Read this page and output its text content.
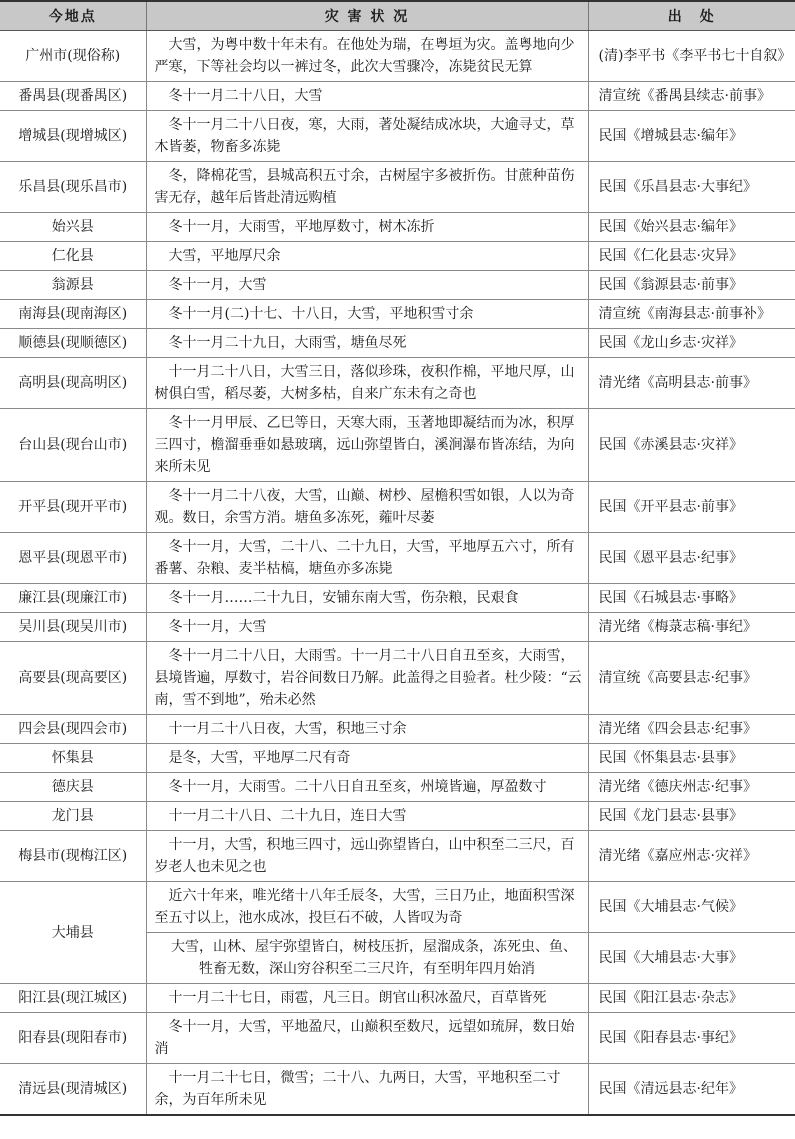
今地点	灾 害 状 况	出　处
广州市(现俗称)	大雪，为粤中数十年未有。在他处为瑞，在粤垣为灾。盖粤地向少严寒，下等社会均以一裤过冬，此次大雪骤冷，冻毙贫民无算	(清)李平书《李平书七十自叙》
番禺县(现番禺区)	冬十一月二十八日，大雪	清宣统《番禺县续志·前事》
增城县(现增城区)	冬十一月二十八日夜，寒，大雨，著处凝结成冰块，大逾寻丈，草木皆萎，物畜多冻毙	民国《增城县志·编年》
乐昌县(现乐昌市)	冬，降棉花雪，县城高积五寸余，古树屋宇多被折伤。甘蔗种苗伤害无存，越年后皆赴清远购植	民国《乐昌县志·大事纪》
始兴县	冬十一月，大雨雪，平地厚数寸，树木冻折	民国《始兴县志·编年》
仁化县	大雪，平地厚尺余	民国《仁化县志·灾异》
翁源县	冬十一月，大雪	民国《翁源县志·前事》
南海县(现南海区)	冬十一月(二)十七、十八日，大雪，平地积雪寸余	清宣统《南海县志·前事补》
顺德县(现顺德区)	冬十一月二十九日，大雨雪，塘鱼尽死	民国《龙山乡志·灾祥》
高明县(现高明区)	十一月二十八日，大雪三日，落似珍珠，夜积作棉，平地尺厚，山树俱白雪，稻尽萎，大树多枯，自来广东未有之奇也	清光绪《高明县志·前事》
台山县(现台山市)	冬十一月甲辰、乙巳等日，天寒大雨，玉著地即凝结而为冰，积厚三四寸，檐溜垂垂如悬玻璃，远山弥望皆白，溪涧瀑布皆冻结，为向来所未见	民国《赤溪县志·灾祥》
开平县(现开平市)	冬十一月二十八夜，大雪，山巅、树杪、屋檐积雪如银，人以为奇观。数日，余雪方消。塘鱼多冻死，蕹叶尽萎	民国《开平县志·前事》
恩平县(现恩平市)	冬十一月，大雪，二十八、二十九日，大雪，平地厚五六寸，所有番薯、杂粮、麦半枯槁，塘鱼亦多冻毙	民国《恩平县志·纪事》
廉江县(现廉江市)	冬十一月……二十九日，安铺东南大雪，伤杂粮，民艰食	民国《石城县志·事略》
吴川县(现吴川市)	冬十一月，大雪	清光绪《梅菉志稿·事纪》
高要县(现高要区)	冬十一月二十八日，大雨雪。十一月二十八日自丑至亥，大雨雪，县境皆遍，厚数寸，岩谷间数日乃解。此盖得之目验者。杜少陵：“云南，雪不到地”，殆未必然	清宣统《高要县志·纪事》
四会县(现四会市)	十一月二十八日夜，大雪，积地三寸余	清光绪《四会县志·纪事》
怀集县	是冬，大雪，平地厚二尺有奇	民国《怀集县志·县事》
德庆县	冬十一月，大雨雪。二十八日自丑至亥，州境皆遍，厚盈数寸	清光绪《德庆州志·纪事》
龙门县	十一月二十八日、二十九日，连日大雪	民国《龙门县志·县事》
梅县市(现梅江区)	十一月，大雪，积地三四寸，远山弥望皆白，山中积至二三尺，百岁老人也未见之也	清光绪《嘉应州志·灾祥》
大埔县	近六十年来，唯光绪十八年壬辰冬，大雪，三日乃止，地面积雪深至五寸以上，池水成冰，投巨石不破，人皆叹为奇	民国《大埔县志·气候》
	大雪，山林、屋宇弥望皆白，树枝压折，屋溜成条，冻死虫、鱼、牲畜无数，深山穷谷积至二三尺许，有至明年四月始消	民国《大埔县志·大事》
阳江县(现江城区)	十一月二十七日，雨雹，凡三日。朗官山积冰盈尺，百草皆死	民国《阳江县志·杂志》
阳春县(现阳春市)	冬十一月，大雪，平地盈尺，山巅积至数尺，远望如琉屏，数日始消	民国《阳春县志·事纪》
清远县(现清城区)	十一月二十七日，微雪；二十八、九两日，大雪，平地积至二寸余，为百年所未见	民国《清远县志·纪年》
